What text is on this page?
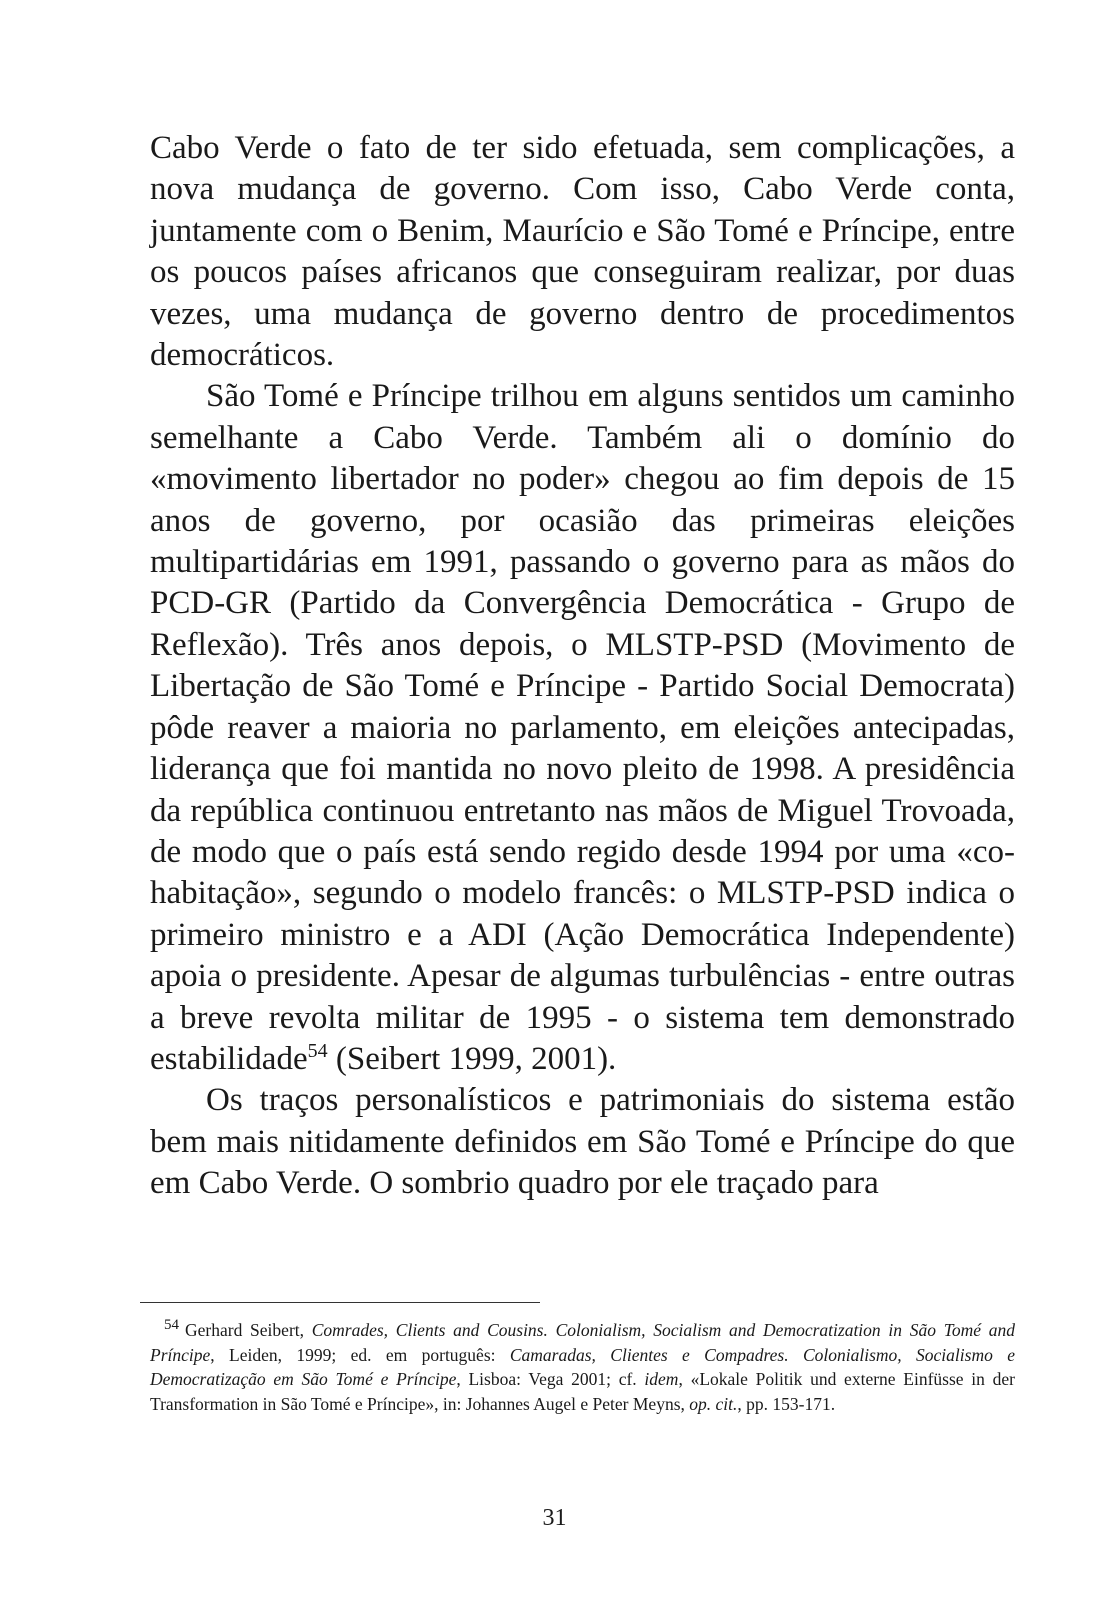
Cabo Verde o fato de ter sido efetuada, sem complicações, a nova mudança de governo. Com isso, Cabo Verde conta, juntamente com o Benim, Maurício e São Tomé e Príncipe, entre os poucos países africanos que conseguiram realizar, por duas vezes, uma mudança de governo dentro de procedimentos democráticos.

São Tomé e Príncipe trilhou em alguns sentidos um caminho semelhante a Cabo Verde. Também ali o domínio do «movimento libertador no poder» chegou ao fim depois de 15 anos de governo, por ocasião das primeiras eleições multipartidárias em 1991, passando o governo para as mãos do PCD-GR (Partido da Convergência Democrática - Grupo de Reflexão). Três anos depois, o MLSTP-PSD (Movimento de Libertação de São Tomé e Príncipe - Partido Social Democrata) pôde reaver a maioria no parlamento, em eleições antecipadas, liderança que foi mantida no novo pleito de 1998. A presidência da república continuou entretanto nas mãos de Miguel Trovoada, de modo que o país está sendo regido desde 1994 por uma «co-habitação», segundo o modelo francês: o MLSTP-PSD indica o primeiro ministro e a ADI (Ação Democrática Independente) apoia o presidente. Apesar de algumas turbulências - entre outras a breve revolta militar de 1995 - o sistema tem demonstrado estabilidade$^{54}$ (Seibert 1999, 2001).

Os traços personalísticos e patrimoniais do sistema estão bem mais nitidamente definidos em São Tomé e Príncipe do que em Cabo Verde. O sombrio quadro por ele traçado para

54 Gerhard Seibert, Comrades, Clients and Cousins. Colonialism, Socialism and Democratization in São Tomé and Príncipe, Leiden, 1999; ed. em português: Camaradas, Clientes e Compadres. Colonialismo, Socialismo e Democratização em São Tomé e Príncipe, Lisboa: Vega 2001; cf. idem, «Lokale Politik und externe Einfüsse in der Transformation in São Tomé e Príncipe», in: Johannes Augel e Peter Meyns, op. cit., pp. 153-171.
31
